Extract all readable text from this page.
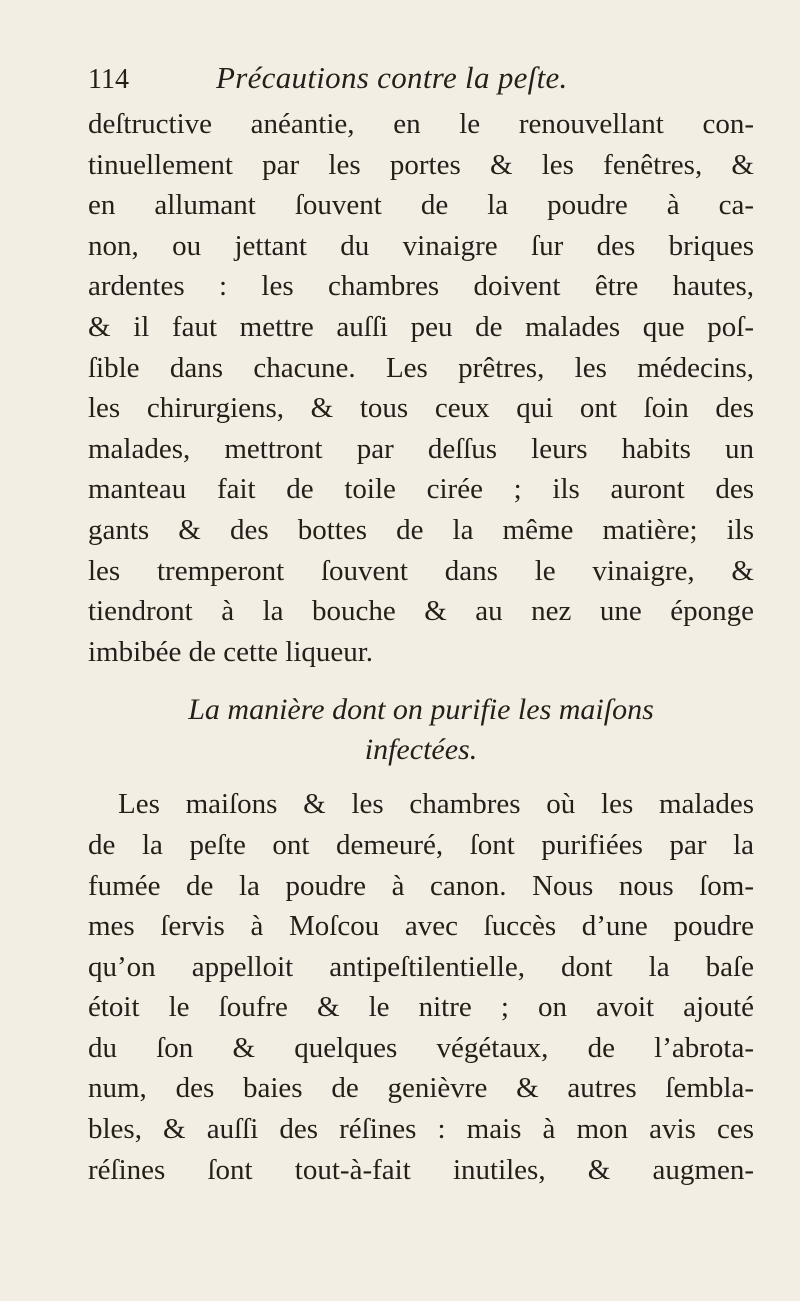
114	Précautions contre la peſte.

deſtructive anéantie, en le renouvellant con-
tinuellement par les portes & les fenêtres, &
en allumant ſouvent de la poudre à ca-
non, ou jettant du vinaigre ſur des briques
ardentes : les chambres doivent être hautes,
& il faut mettre auſſi peu de malades que poſ-
ſible dans chacune. Les prêtres, les médecins,
les chirurgiens, & tous ceux qui ont ſoin des
malades, mettront par deſſus leurs habits un
manteau fait de toile cirée ; ils auront des
gants & des bottes de la même matière; ils
les tremperont ſouvent dans le vinaigre, &
tiendront à la bouche & au nez une éponge
imbibée de cette liqueur.

La manière dont on purifie les maiſons
infectées.

Les maiſons & les chambres où les malades
de la peſte ont demeuré, ſont purifiées par la
fumée de la poudre à canon. Nous nous ſom-
mes ſervis à Moſcou avec ſuccès d’une poudre
qu’on appelloit antipeſtilentielle, dont la baſe
étoit le ſoufre & le nitre ; on avoit ajouté
du ſon & quelques végétaux, de l’abrota-
num, des baies de genièvre & autres ſembla-
bles, & auſſi des réſines : mais à mon avis ces
réſines ſont tout-à-fait inutiles, & augmen-
